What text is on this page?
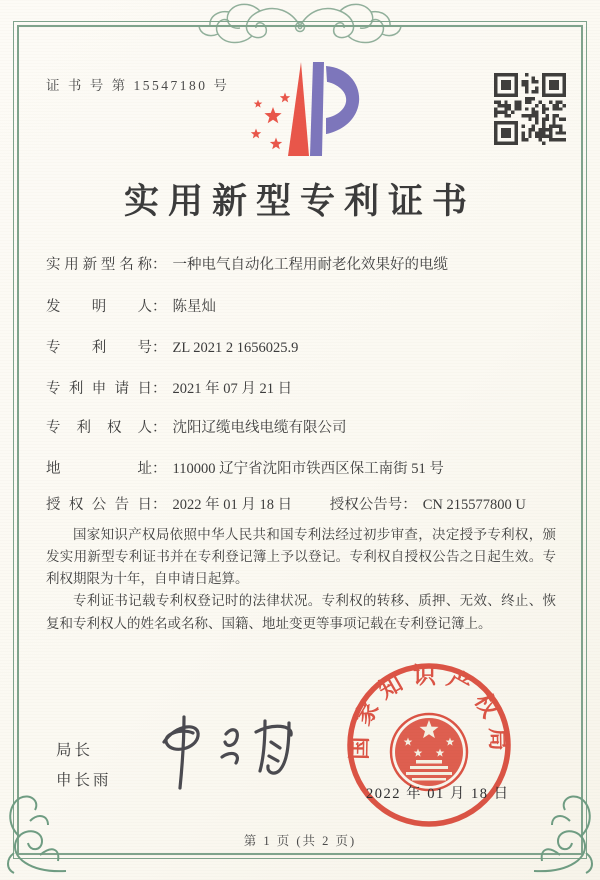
证 书 号 第 15547180 号
实用新型专利证书
实用新型名称： 一种电气自动化工程用耐老化效果好的电缆
发明人： 陈星灿
专利号： ZL 2021 2 1656025.9
专利申请日： 2021 年 07 月 21 日
专利权人： 沈阳辽缆电线电缆有限公司
地址： 110000 辽宁省沈阳市铁西区保工南街 51 号
授权公告日： 2022 年 01 月 18 日	授权公告号： CN 215577800 U

国家知识产权局依照中华人民共和国专利法经过初步审查，决定授予专利权，颁发实用新型专利证书并在专利登记簿上予以登记。专利权自授权公告之日起生效。专利权期限为十年，自申请日起算。

专利证书记载专利权登记时的法律状况。专利权的转移、质押、无效、终止、恢复和专利权人的姓名或名称、国籍、地址变更等事项记载在专利登记簿上。

局长
申长雨
国家知识产权局
2022 年 01 月 18 日
第 1 页 (共 2 页)
